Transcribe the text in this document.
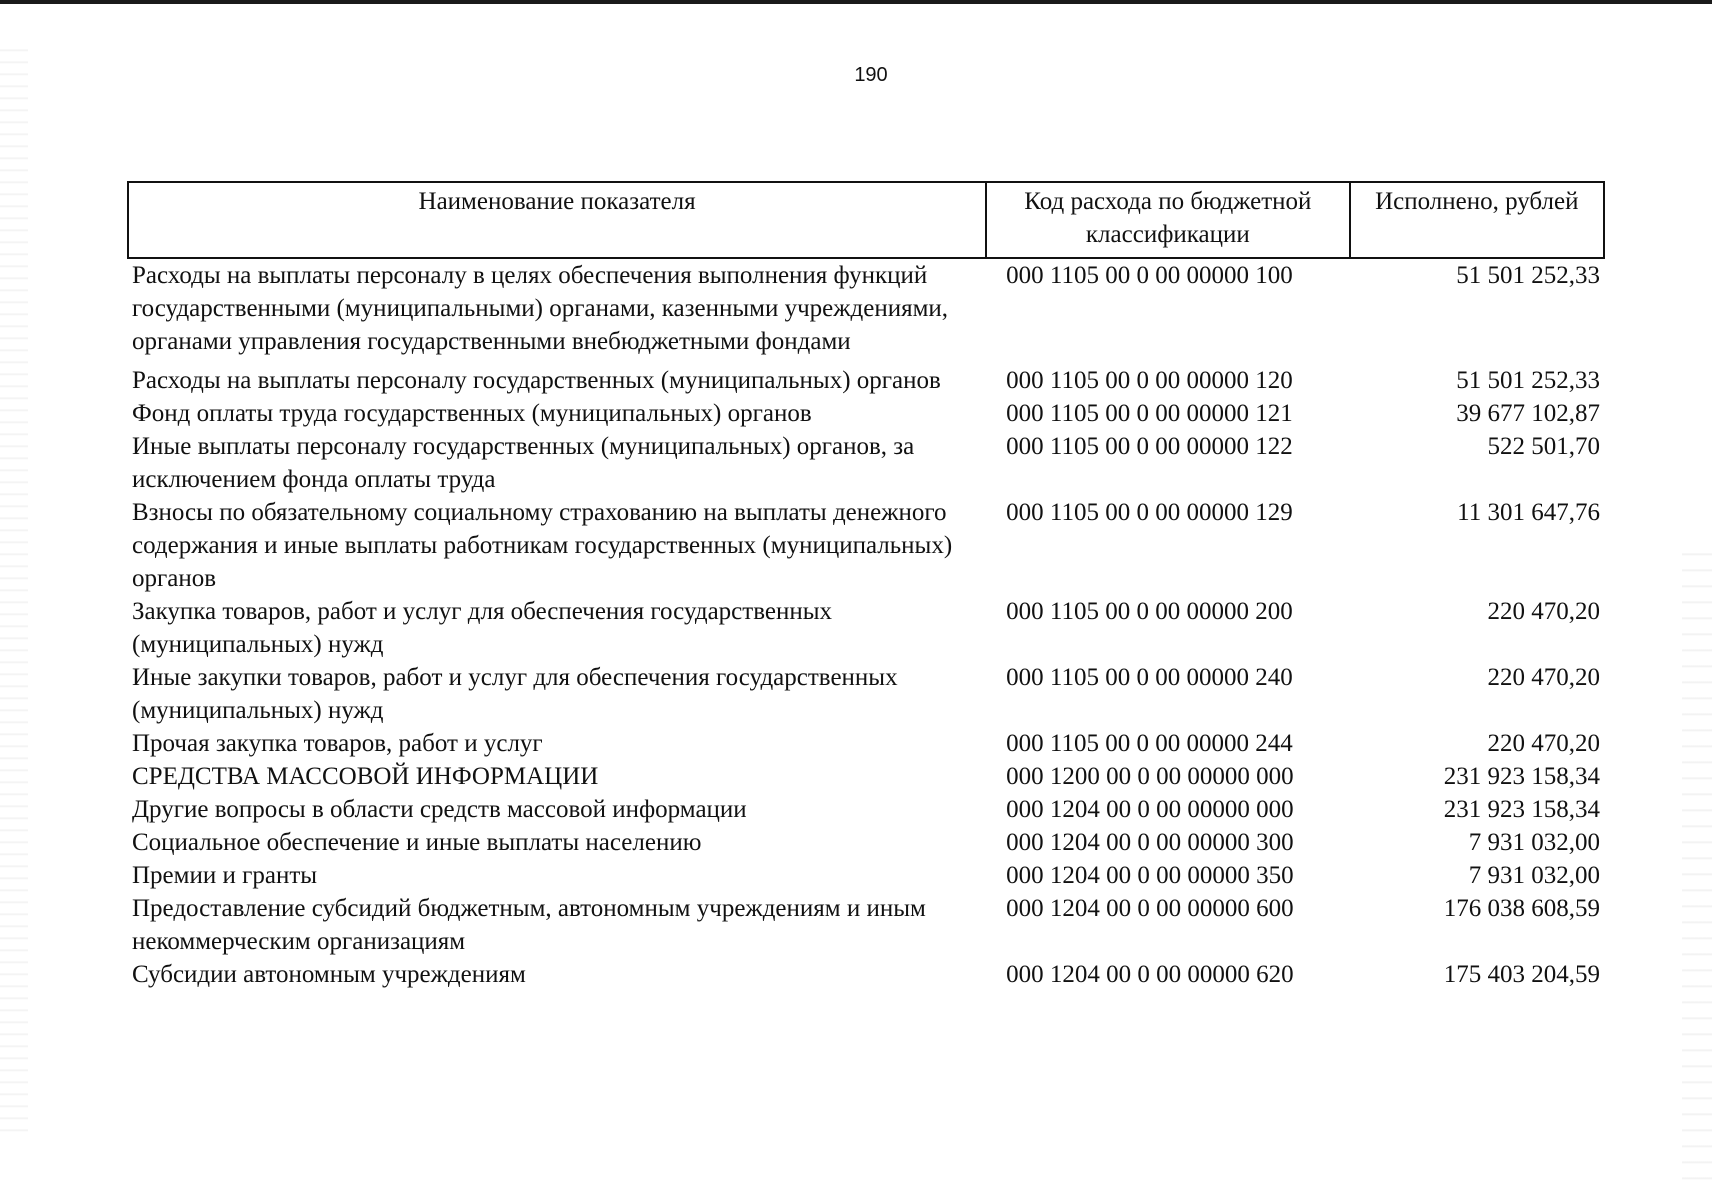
190
Наименование показателя	Код расхода по бюджетной классификации	Исполнено, рублей
Расходы на выплаты персоналу в целях обеспечения выполнения функций государственными (муниципальными) органами, казенными учреждениями, органами управления государственными внебюджетными фондами	000 1105 00 0 00 00000 100	51 501 252,33
Расходы на выплаты персоналу государственных (муниципальных) органов	000 1105 00 0 00 00000 120	51 501 252,33
Фонд оплаты труда государственных (муниципальных) органов	000 1105 00 0 00 00000 121	39 677 102,87
Иные выплаты персоналу государственных (муниципальных) органов, за исключением фонда оплаты труда	000 1105 00 0 00 00000 122	522 501,70
Взносы по обязательному социальному страхованию на выплаты денежного содержания и иные выплаты работникам государственных (муниципальных) органов	000 1105 00 0 00 00000 129	11 301 647,76
Закупка товаров, работ и услуг для обеспечения государственных (муниципальных) нужд	000 1105 00 0 00 00000 200	220 470,20
Иные закупки товаров, работ и услуг для обеспечения государственных (муниципальных) нужд	000 1105 00 0 00 00000 240	220 470,20
Прочая закупка товаров, работ и услуг	000 1105 00 0 00 00000 244	220 470,20
СРЕДСТВА МАССОВОЙ ИНФОРМАЦИИ	000 1200 00 0 00 00000 000	231 923 158,34
Другие вопросы в области средств массовой информации	000 1204 00 0 00 00000 000	231 923 158,34
Социальное обеспечение и иные выплаты населению	000 1204 00 0 00 00000 300	7 931 032,00
Премии и гранты	000 1204 00 0 00 00000 350	7 931 032,00
Предоставление субсидий бюджетным, автономным учреждениям и иным некоммерческим организациям	000 1204 00 0 00 00000 600	176 038 608,59
Субсидии автономным учреждениям	000 1204 00 0 00 00000 620	175 403 204,59
